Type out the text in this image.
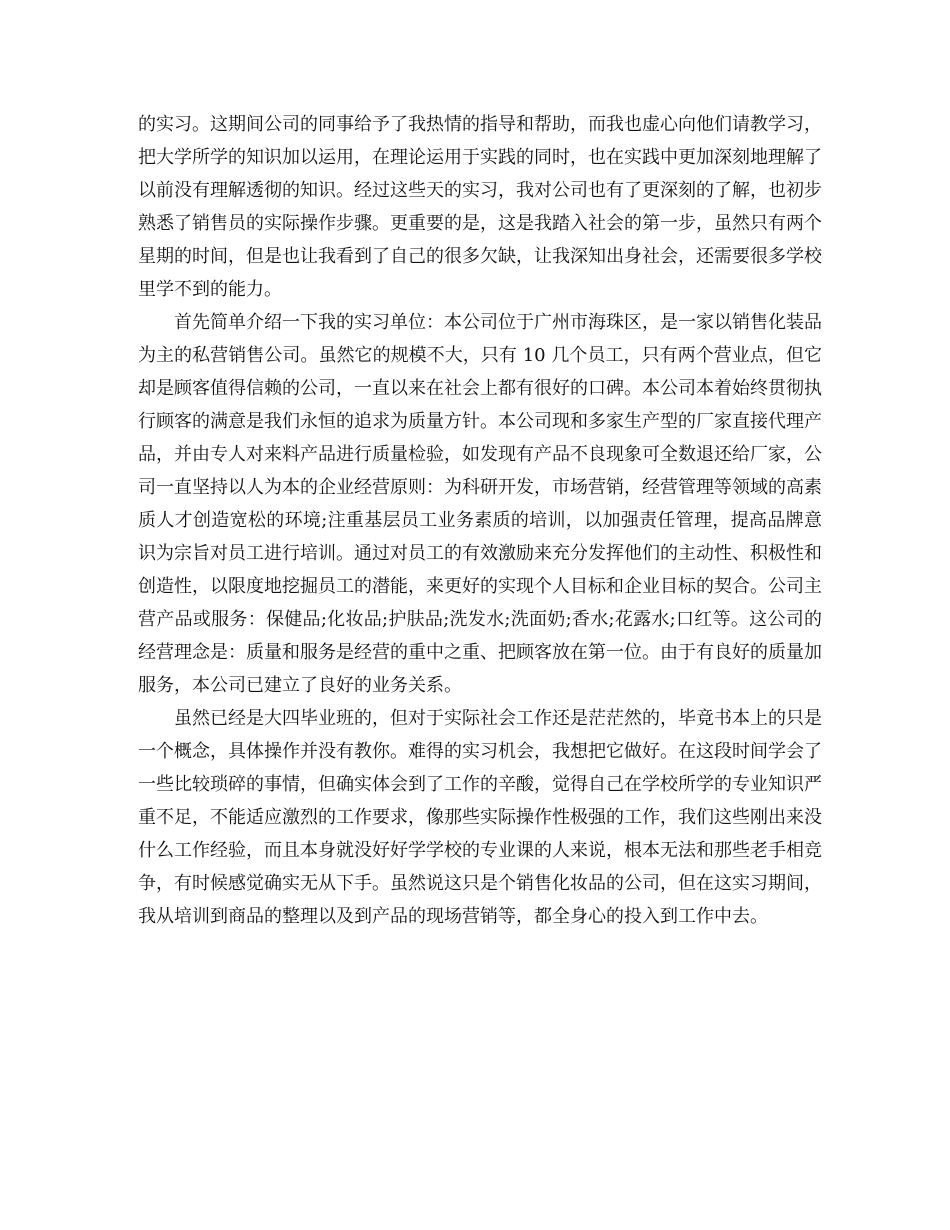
的实习。这期间公司的同事给予了我热情的指导和帮助，而我也虚心向他们请教学习，把大学所学的知识加以运用，在理论运用于实践的同时，也在实践中更加深刻地理解了以前没有理解透彻的知识。经过这些天的实习，我对公司也有了更深刻的了解，也初步熟悉了销售员的实际操作步骤。更重要的是，这是我踏入社会的第一步，虽然只有两个星期的时间，但是也让我看到了自己的很多欠缺，让我深知出身社会，还需要很多学校里学不到的能力。

首先简单介绍一下我的实习单位：本公司位于广州市海珠区，是一家以销售化装品为主的私营销售公司。虽然它的规模不大，只有 10 几个员工，只有两个营业点，但它却是顾客值得信赖的公司，一直以来在社会上都有很好的口碑。本公司本着始终贯彻执行顾客的满意是我们永恒的追求为质量方针。本公司现和多家生产型的厂家直接代理产品，并由专人对来料产品进行质量检验，如发现有产品不良现象可全数退还给厂家，公司一直坚持以人为本的企业经营原则：为科研开发，市场营销，经营管理等领域的高素质人才创造宽松的环境;注重基层员工业务素质的培训，以加强责任管理，提高品牌意识为宗旨对员工进行培训。通过对员工的有效激励来充分发挥他们的主动性、积极性和创造性，以限度地挖掘员工的潜能，来更好的实现个人目标和企业目标的契合。公司主营产品或服务：保健品;化妆品;护肤品;洗发水;洗面奶;香水;花露水;口红等。这公司的经营理念是：质量和服务是经营的重中之重、把顾客放在第一位。由于有良好的质量加服务，本公司已建立了良好的业务关系。

虽然已经是大四毕业班的，但对于实际社会工作还是茫茫然的，毕竟书本上的只是一个概念，具体操作并没有教你。难得的实习机会，我想把它做好。在这段时间学会了一些比较琐碎的事情，但确实体会到了工作的辛酸，觉得自己在学校所学的专业知识严重不足，不能适应激烈的工作要求，像那些实际操作性极强的工作，我们这些刚出来没什么工作经验，而且本身就没好好学学校的专业课的人来说，根本无法和那些老手相竞争，有时候感觉确实无从下手。虽然说这只是个销售化妆品的公司，但在这实习期间，我从培训到商品的整理以及到产品的现场营销等，都全身心的投入到工作中去。
